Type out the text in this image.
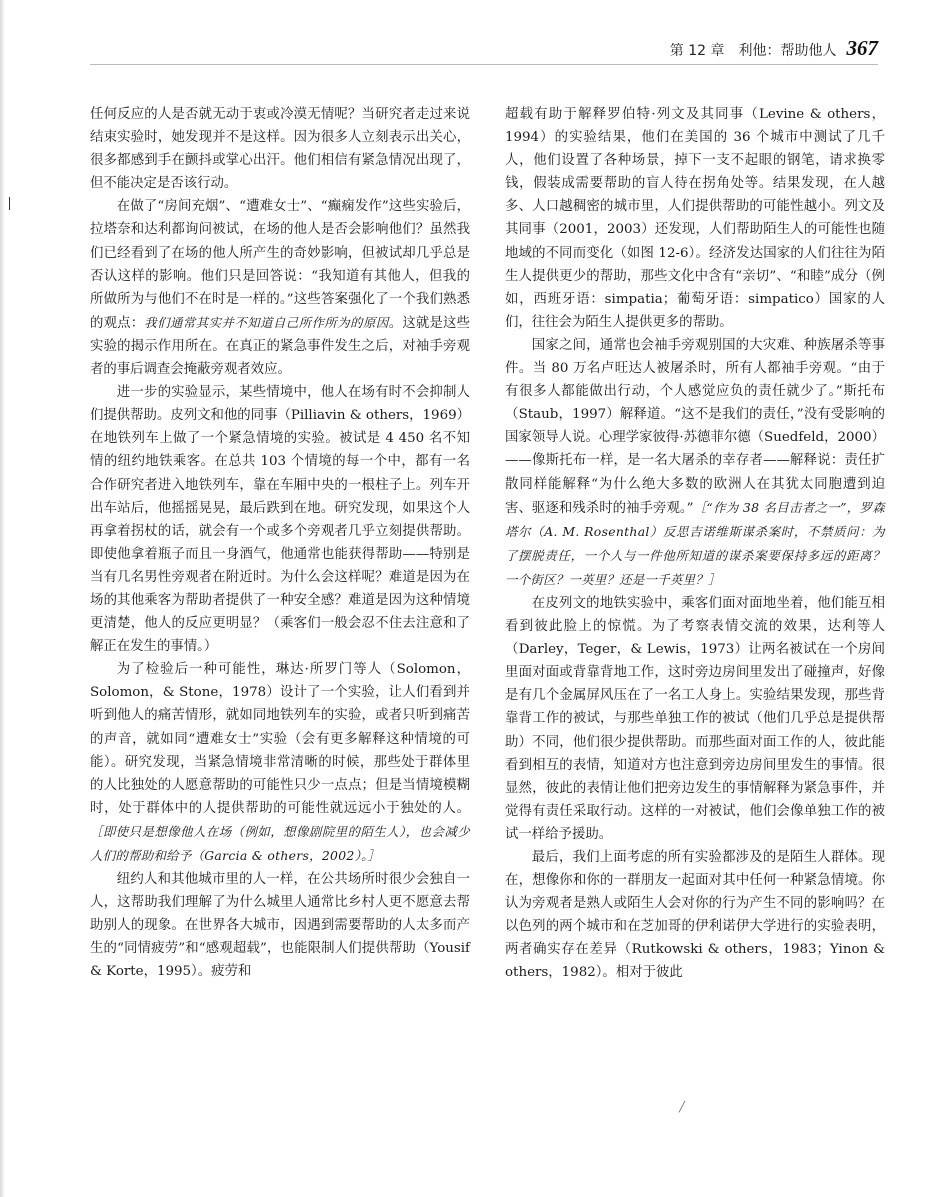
第 12 章　利他：帮助他人 367

任何反应的人是否就无动于衷或冷漠无情呢？当研究者走过来说结束实验时，她发现并不是这样。因为很多人立刻表示出关心，很多都感到手在颤抖或掌心出汗。他们相信有紧急情况出现了，但不能决定是否该行动。

在做了“房间充烟”、“遭难女士”、“癫痫发作”这些实验后，拉塔奈和达利都询问被试，在场的他人是否会影响他们？虽然我们已经看到了在场的他人所产生的奇妙影响，但被试却几乎总是否认这样的影响。他们只是回答说：“我知道有其他人，但我的所做所为与他们不在时是一样的。”这些答案强化了一个我们熟悉的观点：我们通常其实并不知道自己所作所为的原因。这就是这些实验的揭示作用所在。在真正的紧急事件发生之后，对袖手旁观者的事后调查会掩蔽旁观者效应。

进一步的实验显示，某些情境中，他人在场有时不会抑制人们提供帮助。皮列文和他的同事（Pilliavin & others，1969）在地铁列车上做了一个紧急情境的实验。被试是 4 450 名不知情的纽约地铁乘客。在总共 103 个情境的每一个中，都有一名合作研究者进入地铁列车，靠在车厢中央的一根柱子上。列车开出车站后，他摇摇晃晃，最后跌到在地。研究发现，如果这个人再拿着拐杖的话，就会有一个或多个旁观者几乎立刻提供帮助。即使他拿着瓶子而且一身酒气，他通常也能获得帮助——特别是当有几名男性旁观者在附近时。为什么会这样呢？难道是因为在场的其他乘客为帮助者提供了一种安全感？难道是因为这种情境更清楚，他人的反应更明显？（乘客们一般会忍不住去注意和了解正在发生的事情。）

为了检验后一种可能性，琳达·所罗门等人（Solomon，Solomon，& Stone，1978）设计了一个实验，让人们看到并听到他人的痛苦情形，就如同地铁列车的实验，或者只听到痛苦的声音，就如同“遭难女士”实验（会有更多解释这种情境的可能）。研究发现，当紧急情境非常清晰的时候，那些处于群体里的人比独处的人愿意帮助的可能性只少一点点；但是当情境模糊时，处于群体中的人提供帮助的可能性就远远小于独处的人。［即使只是想像他人在场（例如，想像剧院里的陌生人），也会减少人们的帮助和给予（Garcia & others，2002）。］

纽约人和其他城市里的人一样，在公共场所时很少会独自一人，这帮助我们理解了为什么城里人通常比乡村人更不愿意去帮助别人的现象。在世界各大城市，因遇到需要帮助的人太多而产生的“同情疲劳”和“感观超载”，也能限制人们提供帮助（Yousif & Korte，1995）。疲劳和

超载有助于解释罗伯特·列文及其同事（Levine & others，1994）的实验结果，他们在美国的 36 个城市中测试了几千人，他们设置了各种场景，掉下一支不起眼的钢笔，请求换零钱，假装成需要帮助的盲人待在拐角处等。结果发现，在人越多、人口越稠密的城市里，人们提供帮助的可能性越小。列文及其同事（2001，2003）还发现，人们帮助陌生人的可能性也随地域的不同而变化（如图 12-6）。经济发达国家的人们往往为陌生人提供更少的帮助，那些文化中含有“亲切”、“和睦”成分（例如，西班牙语：simpatia；葡萄牙语：simpatico）国家的人们，往往会为陌生人提供更多的帮助。

国家之间，通常也会袖手旁观别国的大灾难、种族屠杀等事件。当 80 万名卢旺达人被屠杀时，所有人都袖手旁观。“由于有很多人都能做出行动，个人感觉应负的责任就少了。”斯托布（Staub，1997）解释道。“这不是我们的责任，”没有受影响的国家领导人说。心理学家彼得·苏德菲尔德（Suedfeld，2000）——像斯托布一样，是一名大屠杀的幸存者——解释说：责任扩散同样能解释“为什么绝大多数的欧洲人在其犹太同胞遭到迫害、驱逐和残杀时的袖手旁观。”［“作为 38 名目击者之一”，罗森塔尔（A. M. Rosenthal）反思吉诺维斯谋杀案时，不禁质问：为了摆脱责任，一个人与一件他所知道的谋杀案要保持多远的距离？一个街区？一英里？还是一千英里？］

在皮列文的地铁实验中，乘客们面对面地坐着，他们能互相看到彼此脸上的惊慌。为了考察表情交流的效果，达利等人（Darley，Teger，& Lewis，1973）让两名被试在一个房间里面对面或背靠背地工作，这时旁边房间里发出了碰撞声，好像是有几个金属屏风压在了一名工人身上。实验结果发现，那些背靠背工作的被试，与那些单独工作的被试（他们几乎总是提供帮助）不同，他们很少提供帮助。而那些面对面工作的人，彼此能看到相互的表情，知道对方也注意到旁边房间里发生的事情。很显然，彼此的表情让他们把旁边发生的事情解释为紧急事件，并觉得有责任采取行动。这样的一对被试，他们会像单独工作的被试一样给予援助。

最后，我们上面考虑的所有实验都涉及的是陌生人群体。现在，想像你和你的一群朋友一起面对其中任何一种紧急情境。你认为旁观者是熟人或陌生人会对你的行为产生不同的影响吗？在以色列的两个城市和在芝加哥的伊利诺伊大学进行的实验表明，两者确实存在差异（Rutkowski & others，1983；Yinon & others，1982）。相对于彼此

╱
